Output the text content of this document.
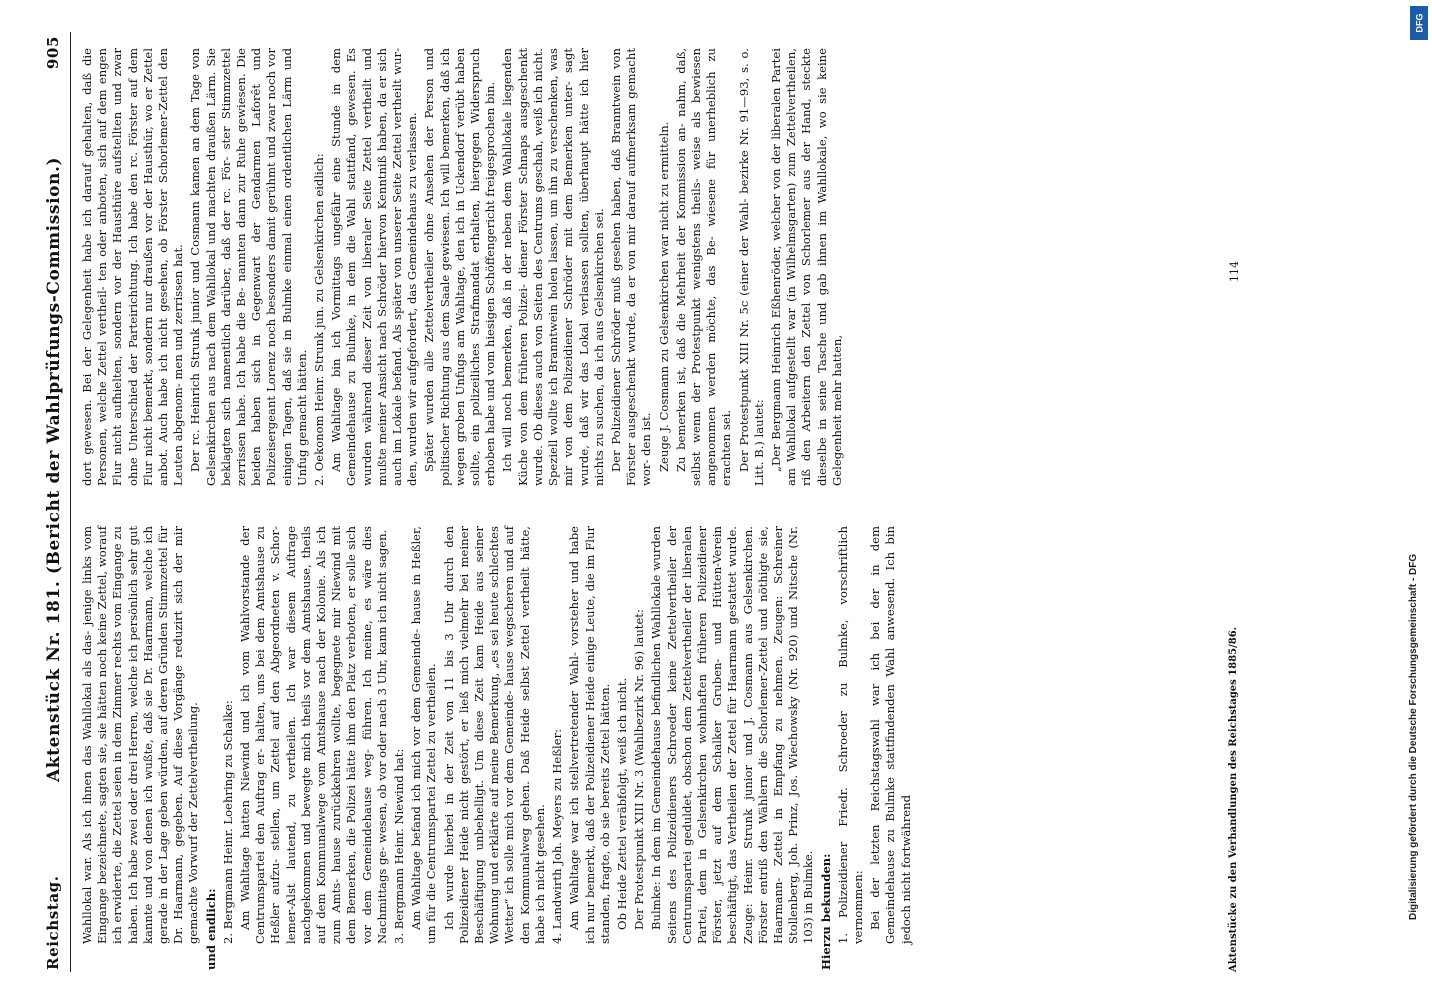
Reichstag.
Aktenstück Nr. 181. (Bericht der Wahlprüfungs-Commission.)
905

Wahllokal war. Als ich ihnen das Wahllokal als das- jenige links vom Eingange bezeichnete, sagten sie, sie hätten noch keine Zettel, worauf ich erwiderte, die Zettel seien in dem Zimmer rechts vom Eingange zu haben. Ich habe zwei oder drei Herren, welche ich persönlich sehr gut kannte und von denen ich wußte, daß sie Dr. Haarmann, welche ich gerade in der Lage geben würden, auf deren Gründen Stimmzettel für Dr. Haarmann, gegeben. Auf diese Vorgänge reduzirt sich der mir gemachte Vorwurf der Zettelvertheilung. und endlich: 2. Bergmann Heinr. Loehring zu Schalke: Am Wahltage hatten Niewind und ich vom Wahlvorstande der Centrumspartei den Auftrag er- halten, uns bei dem Amtshause zu Heßler aufzu- stellen, um Zettel auf den Abgeordneten v. Schor- lemer-Alst lautend, zu vertheilen. Ich war diesem Auftrage nachgekommen und bewegte mich theils vor dem Amtshause, theils auf dem Kommunalwege vom Amtshause nach der Kolonie. Als ich zum Amts- hause zurückkehren wollte, begegnete mir Niewind mit dem Bemerken, die Polizei hätte ihm den Platz verboten, er solle sich vor dem Gemeindehause weg- führen. Ich meine, es wäre dies Nachmittags ge- wesen, ob vor oder nach 3 Uhr, kann ich nicht sagen. 3. Bergmann Heinr. Niewind hat: Am Wahltage befand ich mich vor dem Gemeinde- hause in Heßler, um für die Centrumspartei Zettel zu vertheilen. Ich wurde hierbei in der Zeit von 11 bis 3 Uhr durch den Polizeidiener Heide nicht gestört, er ließ mich vielmehr bei meiner Beschäftigung unbehelligt. Um diese Zeit kam Heide aus seiner Wohnung und erklärte auf meine Bemerkung, „es sei heute schlechtes Wetter“ ich solle mich vor dem Gemeinde- hause wegscheren und auf den Kommunalweg gehen. Daß Heide selbst Zettel vertheilt hätte, habe ich nicht gesehen. 4. Landwirth Joh. Meyers zu Heßler: Am Wahltage war ich stellvertretender Wahl- vorsteher und habe ich nur bemerkt, daß der Polizeidiener Heide einige Leute, die im Flur standen, fragte, ob sie bereits Zettel hätten. Ob Heide Zettel veräbfolgt, weiß ich nicht. Der Protestpunkt XIII Nr. 3 (Wahlbezirk Nr. 96) lautet: Bulmke: In dem im Gemeindehause befindlichen Wahllokale wurden Seitens des Polizeidieners Schroeder keine Zettelvertheiler der Centrumspartei geduldet, obschon dem Zettelvertheiler der liberalen Partei, dem in Gelsenkirchen wohnhaften früheren Polizeidiener Förster, jetzt auf dem Schalker Gruben- und Hütten-Verein beschäftigt, das Vertheilen der Zettel für Haarmann gestattet wurde. Zeuge: Heinr. Strunk junior und J. Cosmann aus Gelsenkirchen. Förster entriß den Wählern die Schorlemer-Zettel und nöthigte sie, Haarmann- Zettel in Empfang zu nehmen. Zeugen: Schreiner Stollenberg, Joh. Prinz, Jos. Wiechowsky (Nr. 920) und Nitsche (Nr. 103) in Bulmke. Hierzu bekunden: 1. Polizeidiener Friedr. Schroeder zu Bulmke, vorschriftlich vernommen: Bei der letzten Reichstagswahl war ich bei der in dem Gemeindehause zu Bulmke stattfindenden Wahl anwesend. Ich bin jedoch nicht fortwährend

dort gewesen. Bei der Gelegenheit habe ich darauf gehalten, daß die Personen, welche Zettel vertheil- ten oder anboten, sich auf dem engen Flur nicht aufhielten, sondern vor der Hausthüre aufstellten und zwar ohne Unterschied der Parteirichtung. Ich habe den rc. Förster auf dem Flur nicht bemerkt, sondern nur draußen vor der Hausthür, wo er Zettel anbot. Auch habe ich nicht gesehen, ob Förster Schorlemer-Zettel den Leuten abgenom- men und zerrissen hat. Der rc. Heinrich Strunk junior und Cosmann kamen an dem Tage von Gelsenkirchen aus nach dem Wahllokal und machten draußen Lärm. Sie beklagten sich namentlich darüber, daß der rc. För- ster Stimmzettel zerrissen habe. Ich habe die Be- nannten dann zur Ruhe gewiesen. Die beiden haben sich in Gegenwart der Gendarmen Laforêt und Polizeisergeant Lorenz noch besonders damit gerühmt und zwar noch vor einigen Tagen, daß sie in Bulmke einmal einen ordentlichen Lärm und Unfug gemacht hätten. 2. Oekonom Heinr. Strunk jun. zu Gelsenkirchen eidlich: Am Wahltage bin ich Vormittags ungefähr eine Stunde in dem Gemeindehause zu Bulmke, in dem die Wahl stattfand, gewesen. Es wurden während dieser Zeit von liberaler Seite Zettel vertheilt und mußte meiner Ansicht nach Schröder hiervon Kenntniß haben, da er sich auch im Lokale befand. Als später von unserer Seite Zettel vertheilt wur- den, wurden wir aufgefordert, das Gemeindehaus zu verlassen. Später wurden alle Zettelvertheiler ohne Ansehen der Person und politischer Richtung aus dem Saale gewiesen. Ich will bemerken, daß ich wegen groben Unfugs am Wahltage, den ich in Uckendorf verübt haben sollte, ein polizeiliches Strafmandat erhalten, hiergegen Widerspruch erhoben habe und vom hiesigen Schöffengericht freigesprochen bin. Ich will noch bemerken, daß in der neben dem Wahllokale liegenden Küche von dem früheren Polizei- diener Förster Schnaps ausgeschenkt wurde. Ob dieses auch von Seiten des Centrums geschah, weiß ich nicht. Speziell wollte ich Branntwein holen lassen, um ihn zu verschenken, was mir von dem Polizeidiener Schröder mit dem Bemerken unter- sagt wurde, daß wir das Lokal verlassen sollten, überhaupt hätte ich hier nichts zu suchen, da ich aus Gelsenkirchen sei. Der Polizeidiener Schröder muß gesehen haben, daß Branntwein von Förster ausgeschenkt wurde, da er von mir darauf aufmerksam gemacht wor- den ist. Zeuge J. Cosmann zu Gelsenkirchen war nicht zu ermitteln. Zu bemerken ist, daß die Mehrheit der Kommission an- nahm, daß, selbst wenn der Protestpunkt wenigstens theils- weise als bewiesen angenommen werden möchte, das Be- wiesene für unerheblich zu erachten sei. Der Protestpunkt XIII Nr. 5c (einer der Wahl- bezirke Nr. 91—93, s. o. Litt. B.) lautet: „Der Bergmann Heinrich Eßhenröder, welcher von der liberalen Partei am Wahllokal aufgestellt war (in Wilhelmsgarten) zum Zettelvertheilen, riß den Arbeitern den Zettel von Schorlemer aus der Hand, steckte dieselbe in seine Tasche und gab ihnen im Wahllokale, wo sie keine Gelegenheit mehr hatten,

Aktenstücke zu den Verhandlungen des Reichstages 1885/86.
114
Digitalisierung gefördert durch die Deutsche Forschungsgemeinschaft - DFG
DFG
